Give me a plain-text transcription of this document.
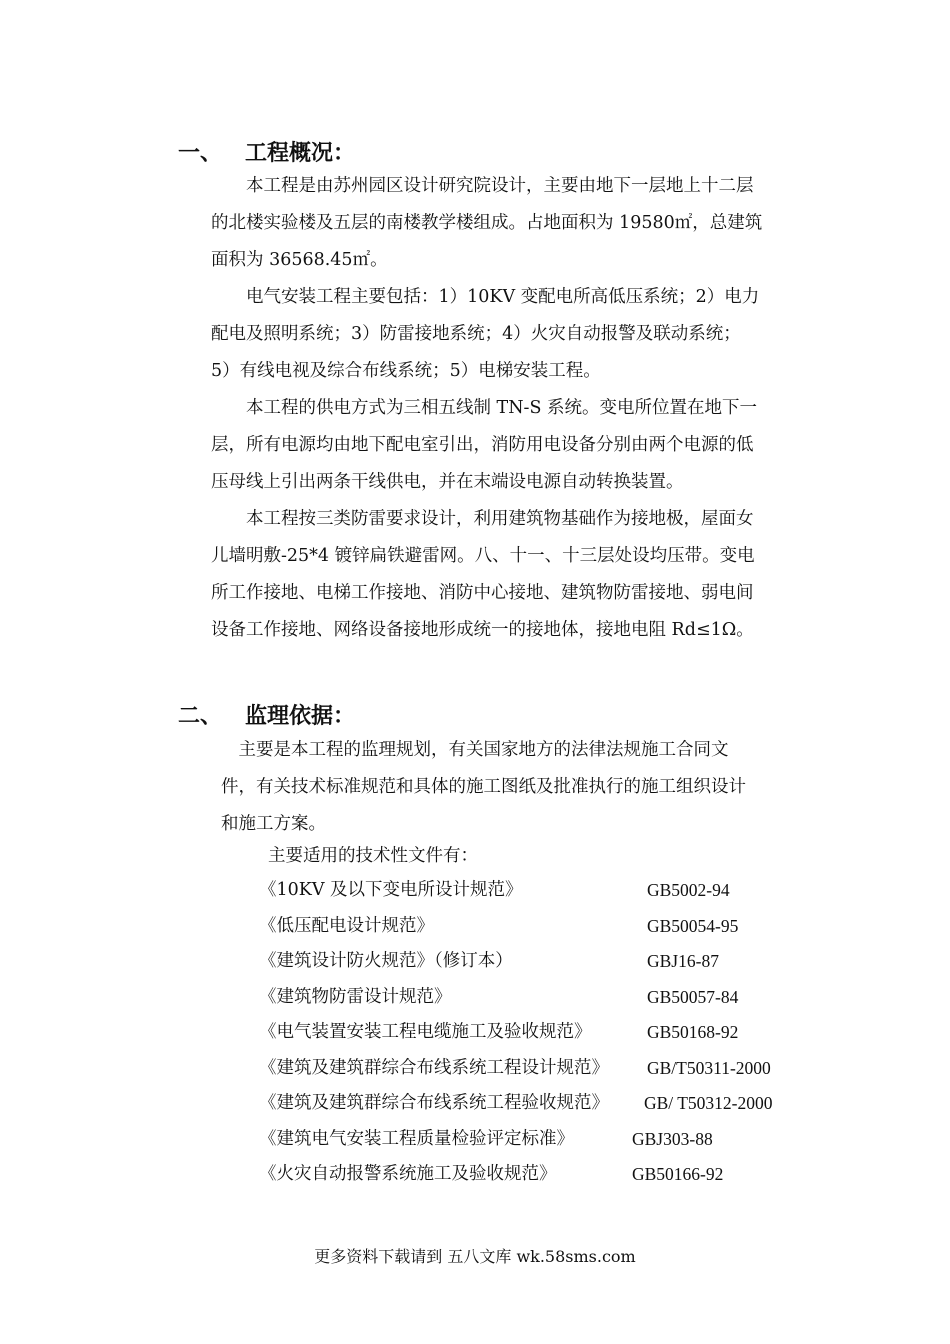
一、 工程概况：
　　本工程是由苏州园区设计研究院设计，主要由地下一层地上十二层
的北楼实验楼及五层的南楼教学楼组成。占地面积为 19580㎡，总建筑
面积为 36568.45㎡。
　　电气安装工程主要包括：1）10KV 变配电所高低压系统；2）电力
配电及照明系统；3）防雷接地系统；4）火灾自动报警及联动系统；
5）有线电视及综合布线系统；5）电梯安装工程。
　　本工程的供电方式为三相五线制 TN-S 系统。变电所位置在地下一
层，所有电源均由地下配电室引出，消防用电设备分别由两个电源的低
压母线上引出两条干线供电，并在末端设电源自动转换装置。
　　本工程按三类防雷要求设计，利用建筑物基础作为接地极，屋面女
儿墙明敷-25*4 镀锌扁铁避雷网。八、十一、十三层处设均压带。变电
所工作接地、电梯工作接地、消防中心接地、建筑物防雷接地、弱电间
设备工作接地、网络设备接地形成统一的接地体，接地电阻 Rd≤1Ω。
二、 监理依据：
　主要是本工程的监理规划，有关国家地方的法律法规施工合同文
件，有关技术标准规范和具体的施工图纸及批准执行的施工组织设计
和施工方案。
主要适用的技术性文件有：
《10KV 及以下变电所设计规范》	GB5002-94
《低压配电设计规范》	GB50054-95
《建筑设计防火规范》（修订本）	GBJ16-87
《建筑物防雷设计规范》	GB50057-84
《电气装置安装工程电缆施工及验收规范》	GB50168-92
《建筑及建筑群综合布线系统工程设计规范》 GB/T50311-2000
《建筑及建筑群综合布线系统工程验收规范》 GB/ T50312-2000
《建筑电气安装工程质量检验评定标准》	GBJ303-88
《火灾自动报警系统施工及验收规范》	GB50166-92
更多资料下载请到 五八文库 wk.58sms.com
